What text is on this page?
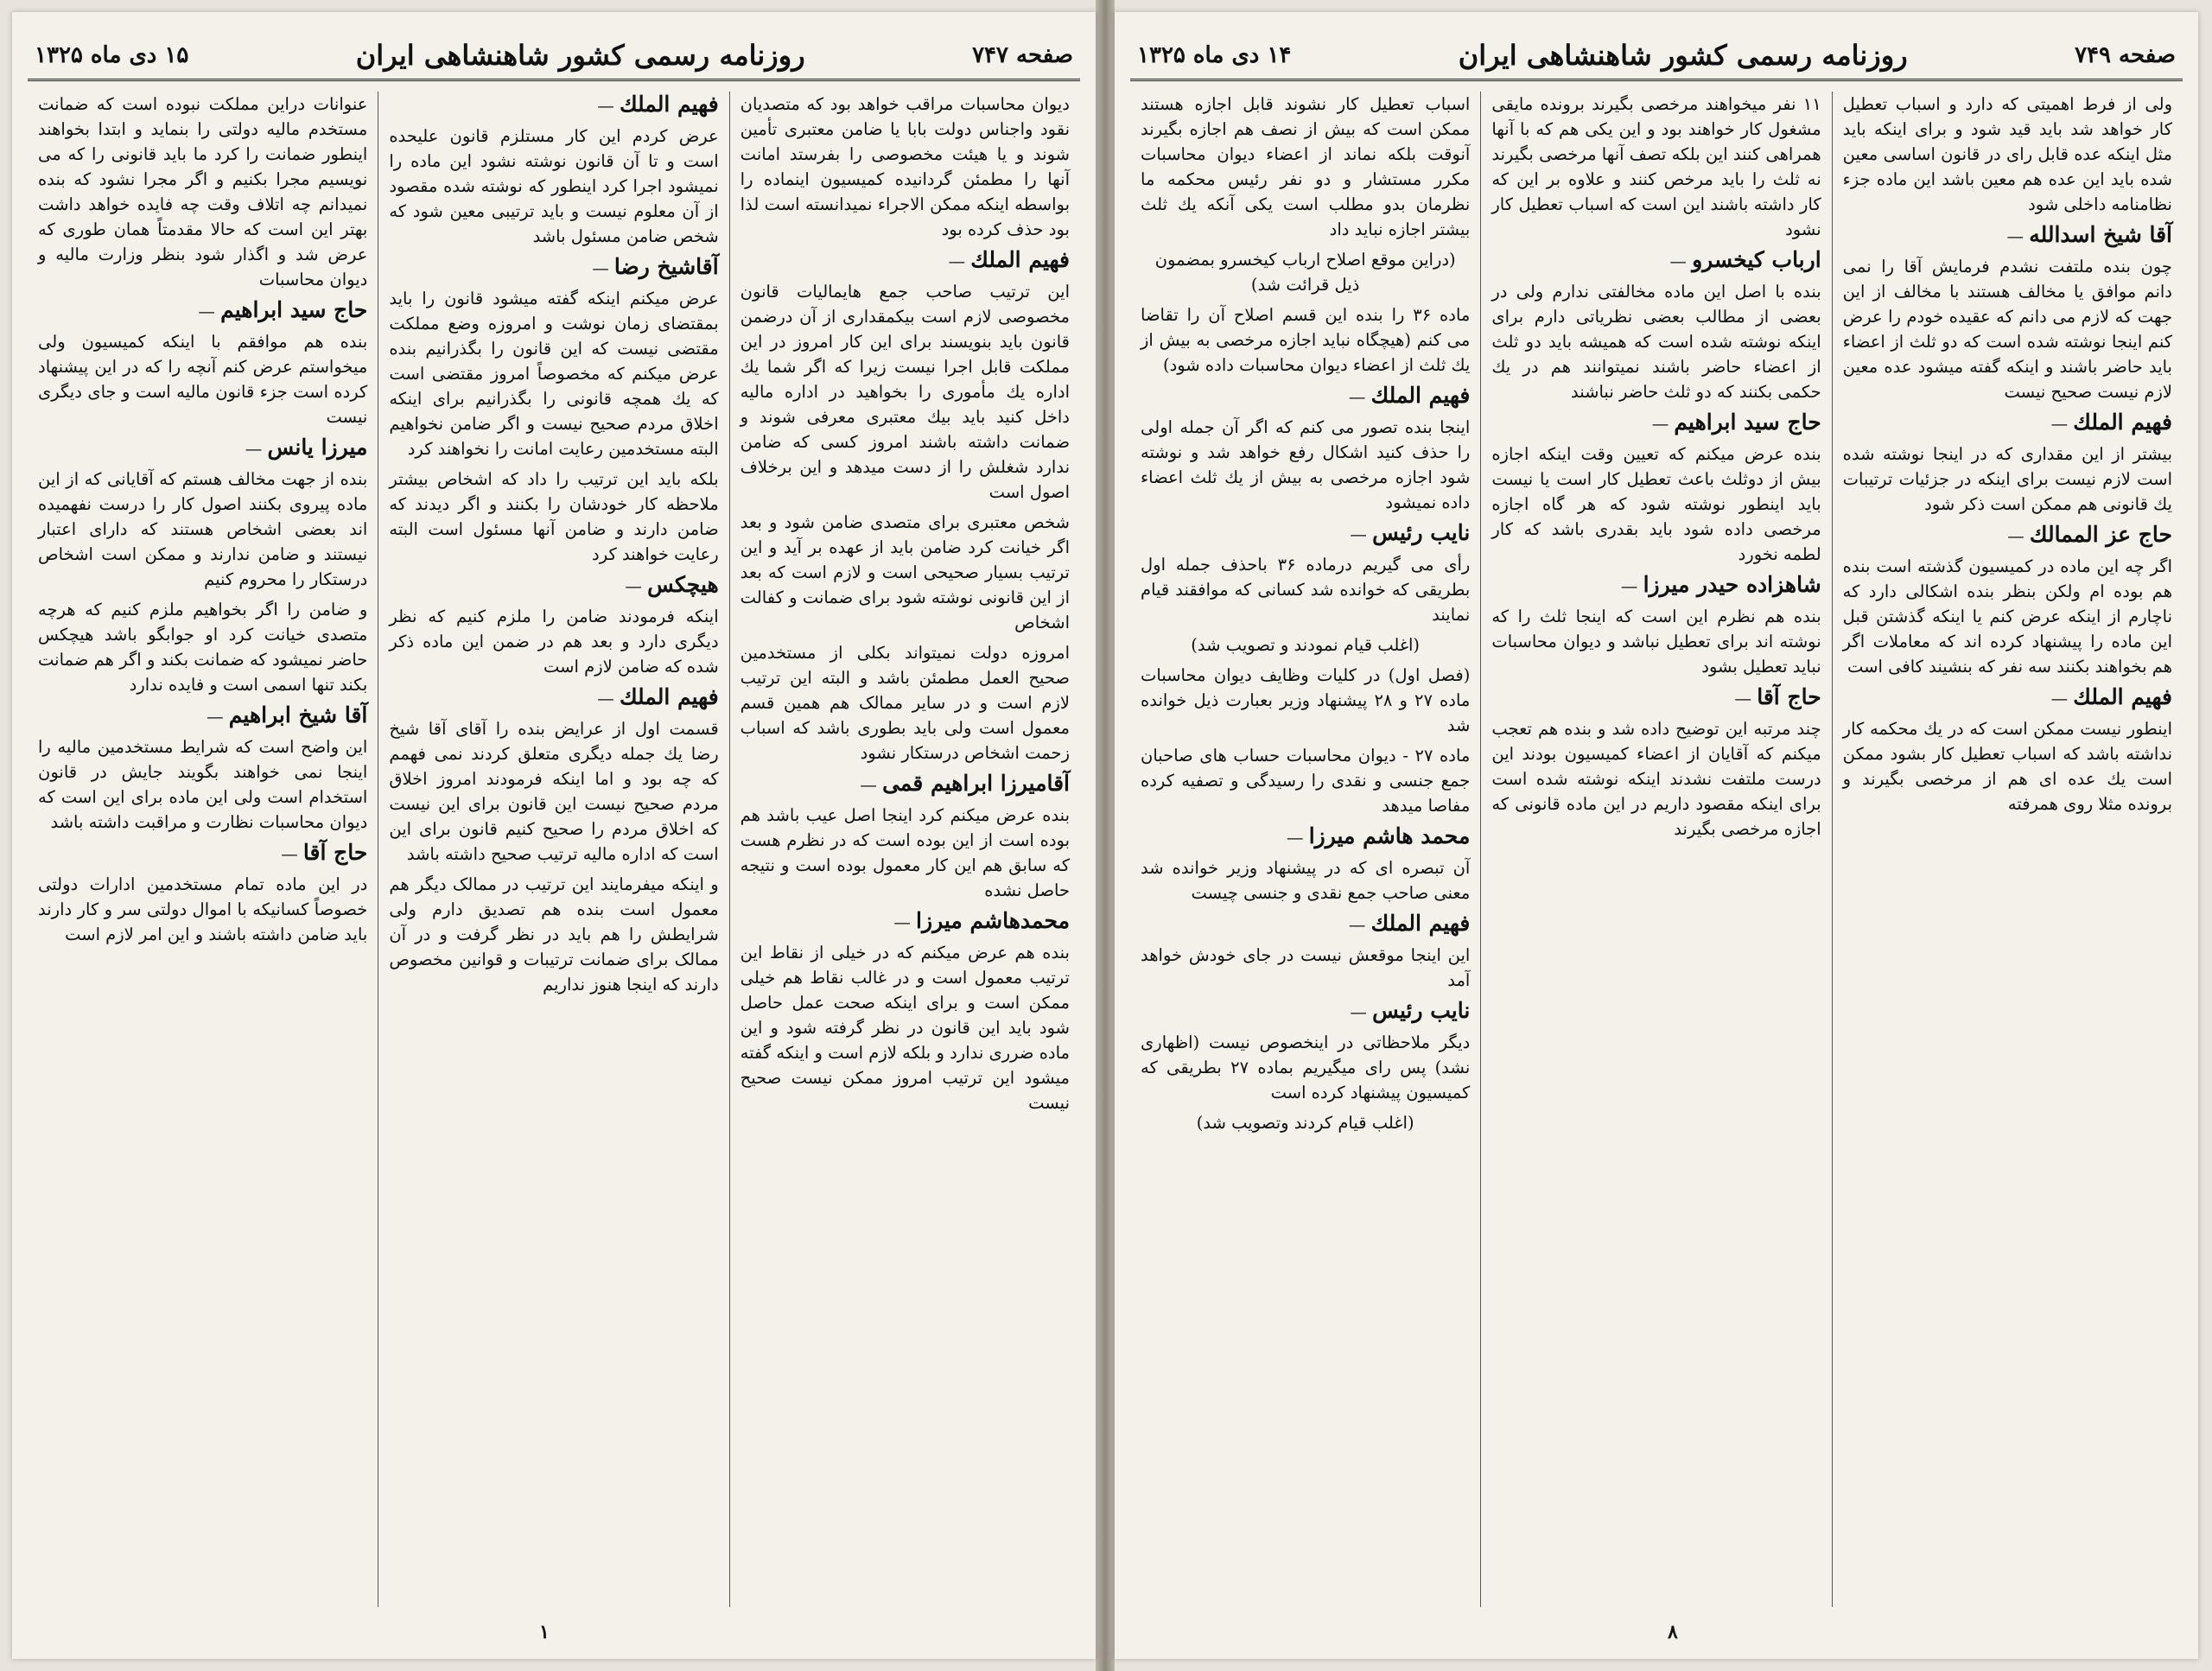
صفحه ۷۴۷
روزنامه رسمی کشور شاهنشاهی ایران
۱۵ دی ماه ۱۳۲۵

دیوان محاسبات مراقب خواهد بود که متصدیان نقود واجناس دولت بابا یا ضامن معتبری تأمین شوند و یا هیئت مخصوصی را بفرستد امانت آنها را مطمئن گردانیده کمیسیون اینماده را بواسطه اینکه ممکن الاجراء نمیدانسته است لذا بود حذف کرده بود

فهیم الملك —

این ترتیب صاحب جمع هایمالیات قانون مخصوصی لازم است بیکمقداری از آن درضمن قانون باید بنویسند برای این کار امروز در این مملکت قابل اجرا نیست زیرا که اگر شما یك اداره یك مأموری را بخواهید در اداره مالیه داخل کنید باید بیك معتبری معرفی شوند و ضمانت داشته باشند امروز کسی که ضامن ندارد شغلش را از دست میدهد و این برخلاف اصول است

شخص معتبری برای متصدی ضامن شود و بعد اگر خیانت کرد ضامن باید از عهده بر آید و این ترتیب بسیار صحیحی است و لازم است که بعد از این قانونی نوشته شود برای ضمانت و کفالت اشخاص

امروزه دولت نمیتواند بکلی از مستخدمین صحیح العمل مطمئن باشد و البته این ترتیب لازم است و در سایر ممالک هم همین قسم معمول است ولی باید بطوری باشد که اسباب زحمت اشخاص درستکار نشود

آقامیرزا ابراهیم قمی —

بنده عرض میکنم کرد اینجا اصل عیب باشد هم بوده است از این بوده است که در نظرم هست که سابق هم این کار معمول بوده است و نتیجه حاصل نشده

محمدهاشم میرزا —

بنده هم عرض میکنم که در خیلی از نقاط این ترتیب معمول است و در غالب نقاط هم خیلی ممکن است و برای اینکه صحت عمل حاصل شود باید این قانون در نظر گرفته شود و این ماده ضرری ندارد و بلکه لازم است و اینکه گفته میشود این ترتیب امروز ممکن نیست صحیح نیست

فهیم الملك —

عرض کردم این کار مستلزم قانون علیحده است و تا آن قانون نوشته نشود این ماده را نمیشود اجرا کرد اینطور که نوشته شده مقصود از آن معلوم نیست و باید ترتیبی معین شود که شخص ضامن مسئول باشد

آقاشیخ رضا —

عرض میکنم اینکه گفته میشود قانون را باید بمقتضای زمان نوشت و امروزه وضع مملکت مقتضی نیست که این قانون را بگذرانیم بنده عرض میکنم که مخصوصاً امروز مقتضی است که یك همچه قانونی را بگذرانیم برای اینکه اخلاق مردم صحیح نیست و اگر ضامن نخواهیم البته مستخدمین رعایت امانت را نخواهند کرد

بلکه باید این ترتیب را داد که اشخاص بیشتر ملاحظه کار خودشان را بکنند و اگر دیدند که ضامن دارند و ضامن آنها مسئول است البته رعایت خواهند کرد

هیچکس —

اینکه فرمودند ضامن را ملزم کنیم که نظر دیگری دارد و بعد هم در ضمن این ماده ذکر شده که ضامن لازم است

فهیم الملك —

قسمت اول از عرایض بنده را آقای آقا شیخ رضا یك جمله دیگری متعلق کردند نمی فهمم که چه بود و اما اینکه فرمودند امروز اخلاق مردم صحیح نیست این قانون برای این نیست که اخلاق مردم را صحیح کنیم قانون برای این است که اداره مالیه ترتیب صحیح داشته باشد

و اینکه میفرمایند این ترتیب در ممالک دیگر هم معمول است بنده هم تصدیق دارم ولی شرایطش را هم باید در نظر گرفت و در آن ممالک برای ضمانت ترتیبات و قوانین مخصوص دارند که اینجا هنوز نداریم

عنوانات دراین مملکت نبوده است که ضمانت مستخدم مالیه دولتی را بنماید و ابتدا بخواهند اینطور ضمانت را کرد ما باید قانونی را که می نویسیم مجرا بکنیم و اگر مجرا نشود که بنده نمیدانم چه اتلاف وقت چه فایده خواهد داشت بهتر این است که حالا مقدمتاً همان طوری که عرض شد و اگذار شود بنظر وزارت مالیه و دیوان محاسبات

حاج سید ابراهیم —

بنده هم موافقم با اینکه کمیسیون ولی میخواستم عرض کنم آنچه را که در این پیشنهاد کرده است جزء قانون مالیه است و جای دیگری نیست

میرزا یانس —

بنده از جهت مخالف هستم که آقایانی که از این ماده پیروی بکنند اصول کار را درست نفهمیده اند بعضی اشخاص هستند که دارای اعتبار نیستند و ضامن ندارند و ممکن است اشخاص درستکار را محروم کنیم

و ضامن را اگر بخواهیم ملزم کنیم که هرچه متصدی خیانت کرد او جوابگو باشد هیچکس حاضر نمیشود که ضمانت بکند و اگر هم ضمانت بکند تنها اسمی است و فایده ندارد

آقا شیخ ابراهیم —

این واضح است که شرایط مستخدمین مالیه را اینجا نمی خواهند بگویند جایش در قانون استخدام است ولی این ماده برای این است که دیوان محاسبات نظارت و مراقبت داشته باشد

حاج آقا —

در این ماده تمام مستخدمین ادارات دولتی خصوصاً کسانیکه با اموال دولتی سر و کار دارند باید ضامن داشته باشند و این امر لازم است

۱
صفحه ۷۴۹
روزنامه رسمی کشور شاهنشاهی ایران
۱۴ دی ماه ۱۳۲۵

ولی از فرط اهمیتی که دارد و اسباب تعطیل کار خواهد شد باید قید شود و برای اینکه باید مثل اینکه عده قابل رای در قانون اساسی معین شده باید این عده هم معین باشد این ماده جزء نظامنامه داخلی شود

آقا شیخ اسدالله —

چون بنده ملتفت نشدم فرمایش آقا را نمی دانم موافق یا مخالف هستند با مخالف از این جهت که لازم می دانم که عقیده خودم را عرض کنم اینجا نوشته شده است که دو ثلث از اعضاء باید حاضر باشند و اینکه گفته میشود عده معین لازم نیست صحیح نیست

فهیم الملك —

بیشتر از این مقداری که در اینجا نوشته شده است لازم نیست برای اینکه در جزئیات ترتیبات یك قانونی هم ممکن است ذکر شود

حاج عز الممالك —

اگر چه این ماده در کمیسیون گذشته است بنده هم بوده ام ولکن بنظر بنده اشکالی دارد که ناچارم از اینکه عرض کنم یا اینکه گذشتن قبل این ماده را پیشنهاد کرده اند که معاملات اگر هم بخواهند بکنند سه نفر که بنشیند کافی است

فهیم الملك —

اینطور نیست ممکن است که در یك محکمه کار نداشته باشد که اسباب تعطیل کار بشود ممکن است یك عده ای هم از مرخصی بگیرند و برونده مثلا روی همرفته

۱۱ نفر میخواهند مرخصی بگیرند برونده مایقی مشغول کار خواهند بود و این یکی هم که با آنها همراهی کنند این بلکه تصف آنها مرخصی بگیرند نه ثلث را باید مرخص کنند و علاوه بر این که کار داشته باشند این است که اسباب تعطیل کار نشود

ارباب کیخسرو —

بنده با اصل این ماده مخالفتی ندارم ولی در بعضی از مطالب بعضی نظریاتی دارم برای اینکه نوشته شده است که همیشه باید دو ثلث از اعضاء حاضر باشند نمیتوانند هم در یك حکمی بکنند که دو ثلث حاضر نباشند

حاج سید ابراهیم —

بنده عرض میکنم که تعیین وقت اینکه اجازه بیش از دوثلث باعث تعطیل کار است یا نیست باید اینطور نوشته شود که هر گاه اجازه مرخصی داده شود باید بقدری باشد که کار لطمه نخورد

شاهزاده حیدر میرزا —

بنده هم نظرم این است که اینجا ثلث را که نوشته اند برای تعطیل نباشد و دیوان محاسبات نباید تعطیل بشود

حاج آقا —

چند مرتبه این توضیح داده شد و بنده هم تعجب میکنم که آقایان از اعضاء کمیسیون بودند این درست ملتفت نشدند اینکه نوشته شده است برای اینکه مقصود داریم در این ماده قانونی که اجازه مرخصی بگیرند

اسباب تعطیل کار نشوند قابل اجازه هستند ممکن است که بیش از نصف هم اجازه بگیرند آنوقت بلکه نماند از اعضاء دیوان محاسبات مکرر مستشار و دو نفر رئیس محکمه ما نظرمان بدو مطلب است یکی آنکه یك ثلث بیشتر اجازه نباید داد

(دراین موقع اصلاح ارباب کیخسرو بمضمون ذیل قرائت شد)

ماده ۳۶ را بنده این قسم اصلاح آن را تقاضا می کنم (هیچگاه نباید اجازه مرخصی به بیش از یك ثلث از اعضاء دیوان محاسبات داده شود)

فهیم الملك —

اینجا بنده تصور می کنم که اگر آن جمله اولی را حذف کنید اشکال رفع خواهد شد و نوشته شود اجازه مرخصی به بیش از یك ثلث اعضاء داده نمیشود

نایب رئیس —

رأی می گیریم درماده ۳۶ باحذف جمله اول بطریقی که خوانده شد کسانی که موافقند قیام نمایند

(اغلب قیام نمودند و تصویب شد)

(فصل اول) در کلیات وظایف دیوان محاسبات ماده ۲۷ و ۲۸ پیشنهاد وزیر بعبارت ذیل خوانده شد

ماده ۲۷ - دیوان محاسبات حساب های صاحبان جمع جنسی و نقدی را رسیدگی و تصفیه کرده مفاصا میدهد

محمد هاشم میرزا —

آن تبصره ای که در پیشنهاد وزیر خوانده شد معنی صاحب جمع نقدی و جنسی چیست

فهیم الملك —

این اینجا موقعش نیست در جای خودش خواهد آمد

نایب رئیس —

دیگر ملاحظاتی در اینخصوص نیست (اظهاری نشد) پس رای میگیریم بماده ۲۷ بطریقی که کمیسیون پیشنهاد کرده است

(اغلب قیام کردند وتصویب شد)

۸
